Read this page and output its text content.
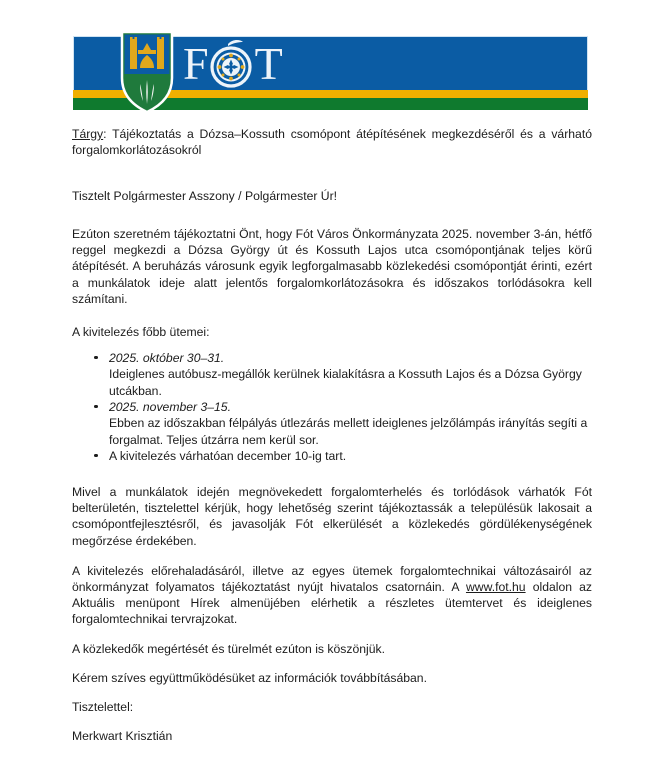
F T

Tárgy: Tájékoztatás a Dózsa–Kossuth csomópont átépítésének megkezdéséről és a várható forgalomkorlátozásokról

Tisztelt Polgármester Asszony / Polgármester Úr!

Ezúton szeretném tájékoztatni Önt, hogy Fót Város Önkormányzata 2025. november 3-án, hétfő reggel megkezdi a Dózsa György út és Kossuth Lajos utca csomópontjának teljes körű átépítését. A beruházás városunk egyik legforgalmasabb közlekedési csomópontját érinti, ezért a munkálatok ideje alatt jelentős forgalomkorlátozásokra és időszakos torlódásokra kell számítani.

A kivitelezés főbb ütemei:

2025. október 30–31.
Ideiglenes autóbusz-megállók kerülnek kialakításra a Kossuth Lajos és a Dózsa György utcákban.
2025. november 3–15.
Ebben az időszakban félpályás útlezárás mellett ideiglenes jelzőlámpás irányítás segíti a forgalmat. Teljes útzárra nem kerül sor.
A kivitelezés várhatóan december 10-ig tart.

Mivel a munkálatok idején megnövekedett forgalomterhelés és torlódások várhatók Fót belterületén, tisztelettel kérjük, hogy lehetőség szerint tájékoztassák a településük lakosait a csomópontfejlesztésről, és javasolják Fót elkerülését a közlekedés gördülékenységének megőrzése érdekében.

A kivitelezés előrehaladásáról, illetve az egyes ütemek forgalomtechnikai változásairól az önkormányzat folyamatos tájékoztatást nyújt hivatalos csatornáin. A www.fot.hu oldalon az Aktuális menüpont Hírek almenüjében elérhetik a részletes ütemtervet és ideiglenes forgalomtechnikai tervrajzokat.

A közlekedők megértését és türelmét ezúton is köszönjük.

Kérem szíves együttműködésüket az információk továbbításában.

Tisztelettel:

Merkwart Krisztián
